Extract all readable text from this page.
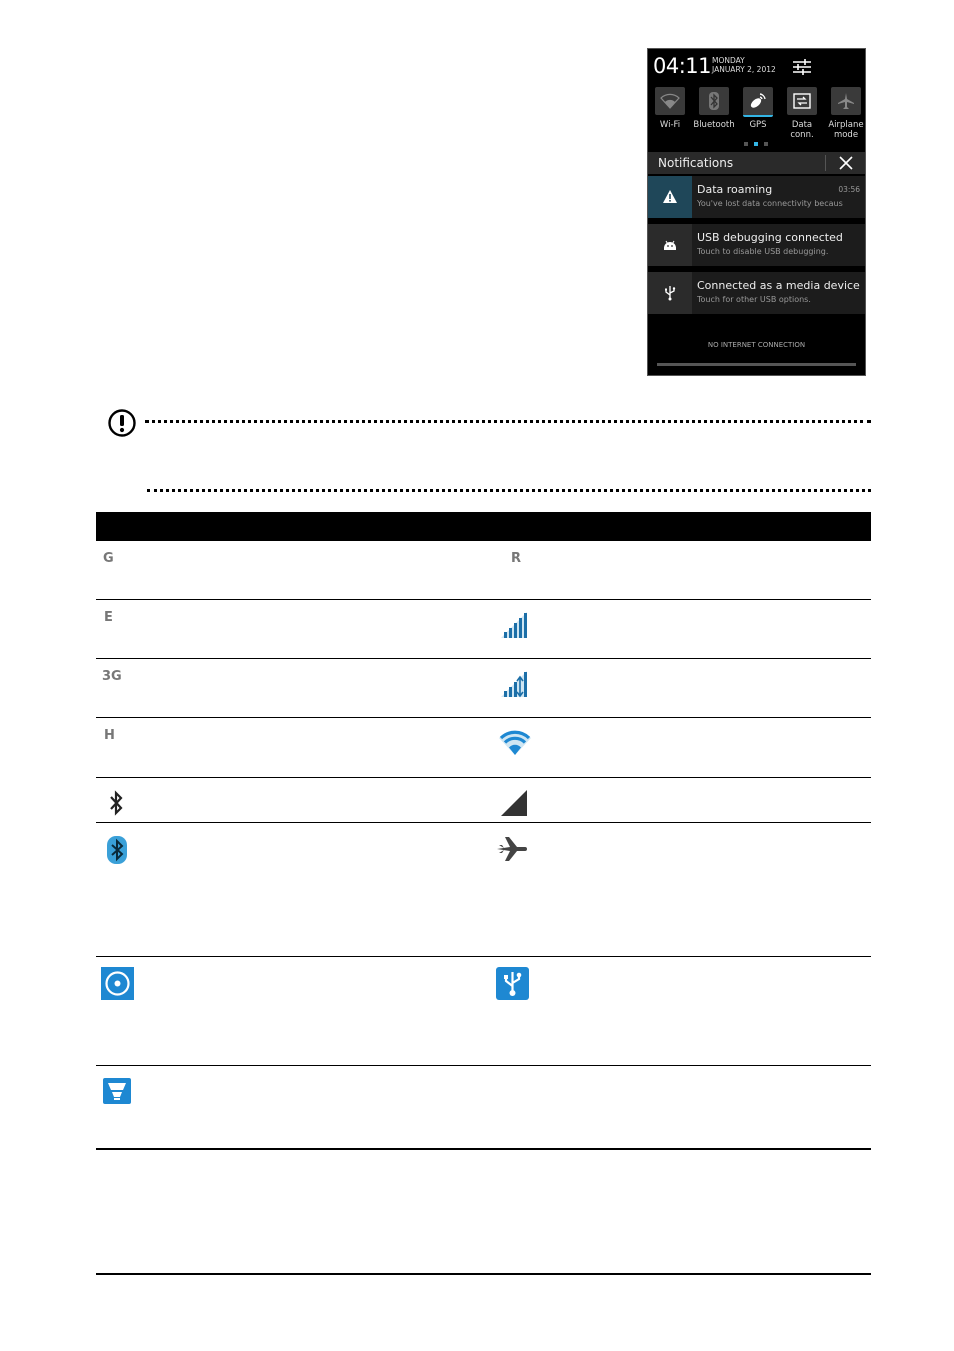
04:11 MONDAY
JANUARY 2, 2012
Wi-Fi	Bluetooth	GPS	Data
conn.
Airplane
mode
Notifications
Data roaming	03:56
You've lost data connectivity becaus
USB debugging connected
Touch to disable USB debugging.
Connected as a media device
Touch for other USB options.
NO INTERNET CONNECTION
G	R
E
3G
H
